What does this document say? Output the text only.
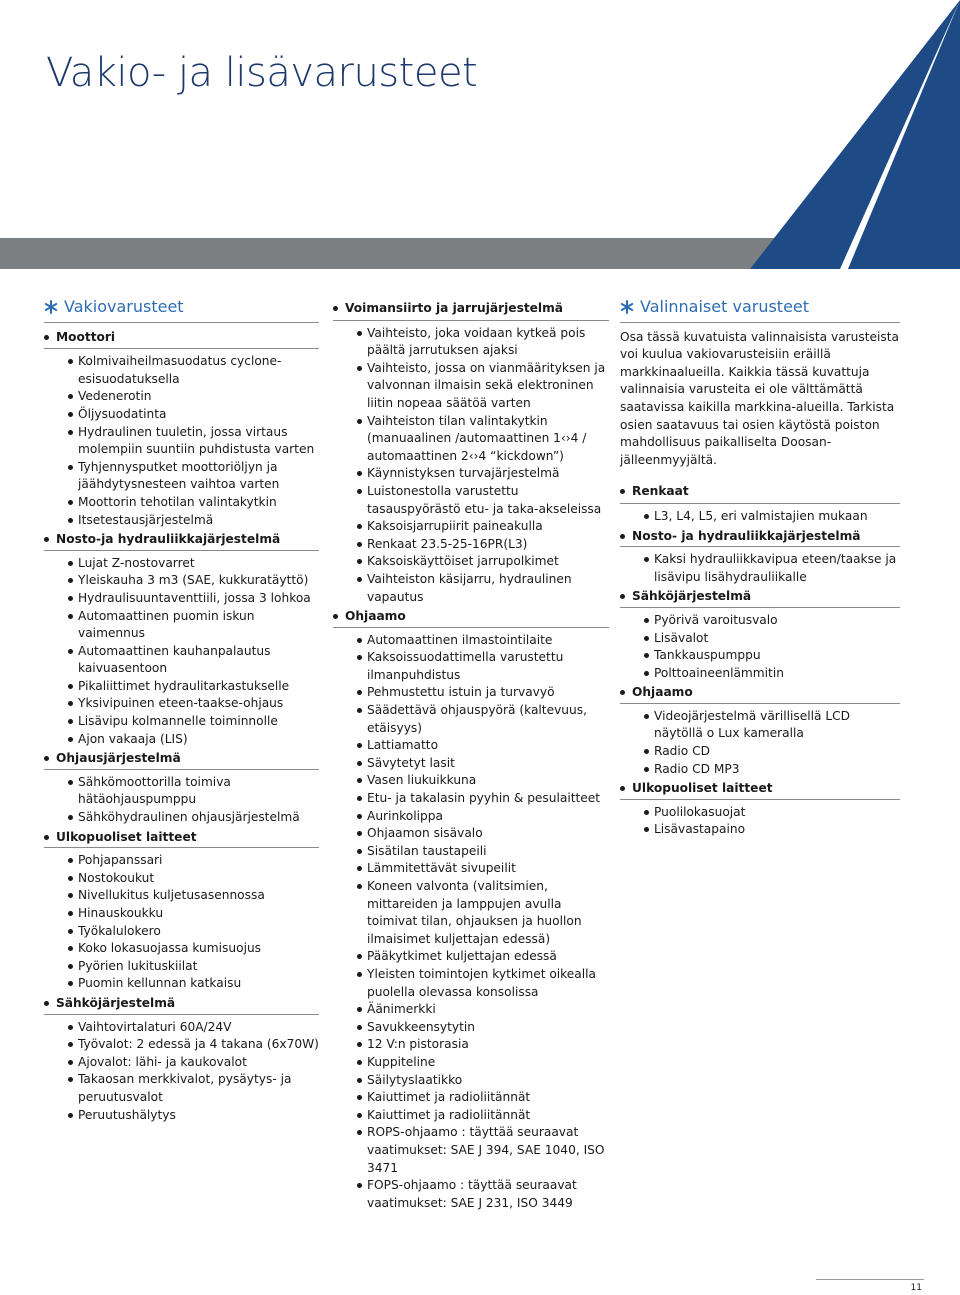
Vakio- ja lisävarusteet
Vakiovarusteet
Moottori
Kolmivaiheilmasuodatus cyclone-esisuodatuksella
Vedenerotin
Öljysuodatinta
Hydraulinen tuuletin, jossa virtaus molempiin suuntiin puhdistusta varten
Tyhjennysputket moottoriöljyn ja jäähdytysnesteen vaihtoa varten
Moottorin tehotilan valintakytkin
Itsetestausjärjestelmä
Nosto-ja hydrauliikkajärjestelmä
Lujat Z-nostovarret
Yleiskauha 3 m3 (SAE, kukkuratäyttö)
Hydraulisuuntaventtiili, jossa 3 lohkoa
Automaattinen puomin iskun vaimennus
Automaattinen kauhanpalautus kaivuasentoon
Pikaliittimet hydraulitarkastukselle
Yksivipuinen eteen-taakse-ohjaus
Lisävipu kolmannelle toiminnolle
Ajon vakaaja (LIS)
Ohjausjärjestelmä
Sähkömoottorilla toimiva hätäohjauspumppu
Sähköhydraulinen ohjausjärjestelmä
Ulkopuoliset laitteet
Pohjapanssari
Nostokoukut
Nivellukitus kuljetusasennossa
Hinauskoukku
Työkalulokero
Koko lokasuojassa kumisuojus
Pyörien lukituskiilat
Puomin kellunnan katkaisu
Sähköjärjestelmä
Vaihtovirtalaturi 60A/24V
Työvalot: 2 edessä ja 4 takana (6x70W)
Ajovalot: lähi- ja kaukovalot
Takaosan merkkivalot, pysäytys- ja peruutusvalot
Peruutushälytys
Voimansiirto ja jarrujärjestelmä
Vaihteisto, joka voidaan kytkeä pois päältä jarrutuksen ajaksi
Vaihteisto, jossa on vianmäärityksen ja valvonnan ilmaisin sekä elektroninen liitin nopeaa säätöä varten
Vaihteiston tilan valintakytkin (manuaalinen /automaattinen 1‹›4 / automaattinen 2‹›4 “kickdown”)
Käynnistyksen turvajärjestelmä
Luistonestolla varustettu tasauspyörästö etu- ja taka-akseleissa
Kaksoisjarrupiirit paineakulla
Renkaat 23.5-25-16PR(L3)
Kaksoiskäyttöiset jarrupolkimet
Vaihteiston käsijarru, hydraulinen vapautus
Ohjaamo
Automaattinen ilmastointilaite
Kaksoissuodattimella varustettu ilmanpuhdistus
Pehmustettu istuin ja turvavyö
Säädettävä ohjauspyörä (kaltevuus, etäisyys)
Lattiamatto
Sävytetyt lasit
Vasen liukuikkuna
Etu- ja takalasin pyyhin & pesulaitteet
Aurinkolippa
Ohjaamon sisävalo
Sisätilan taustapeili
Lämmitettävät sivupeilit
Koneen valvonta (valitsimien, mittareiden ja lamppujen avulla toimivat tilan, ohjauksen ja huollon ilmaisimet kuljettajan edessä)
Pääkytkimet kuljettajan edessä
Yleisten toimintojen kytkimet oikealla puolella olevassa konsolissa
Äänimerkki
Savukkeensytytin
12 V:n pistorasia
Kuppiteline
Säilytyslaatikko
Kaiuttimet ja radioliitännät
Kaiuttimet ja radioliitännät
ROPS-ohjaamo : täyttää seuraavat vaatimukset: SAE J 394, SAE 1040, ISO 3471
FOPS-ohjaamo : täyttää seuraavat vaatimukset: SAE J 231, ISO 3449
Valinnaiset varusteet
Osa tässä kuvatuista valinnaisista varusteista voi kuulua vakiovarusteisiin eräillä markkinaalueilla. Kaikkia tässä kuvattuja valinnaisia varusteita ei ole välttämättä saatavissa kaikilla markkina-alueilla. Tarkista osien saatavuus tai osien käytöstä poiston mahdollisuus paikalliselta Doosan-jälleenmyyjältä.
Renkaat
L3, L4, L5, eri valmistajien mukaan
Nosto- ja hydrauliikkajärjestelmä
Kaksi hydrauliikkavipua eteen/taakse ja lisävipu lisähydrauliikalle
Sähköjärjestelmä
Pyörivä varoitusvalo
Lisävalot
Tankkauspumppu
Polttoaineenlämmitin
Ohjaamo
Videojärjestelmä värillisellä LCD näytöllä o Lux kameralla
Radio CD
Radio CD MP3
Ulkopuoliset laitteet
Puolilokasuojat
Lisävastapaino
11
